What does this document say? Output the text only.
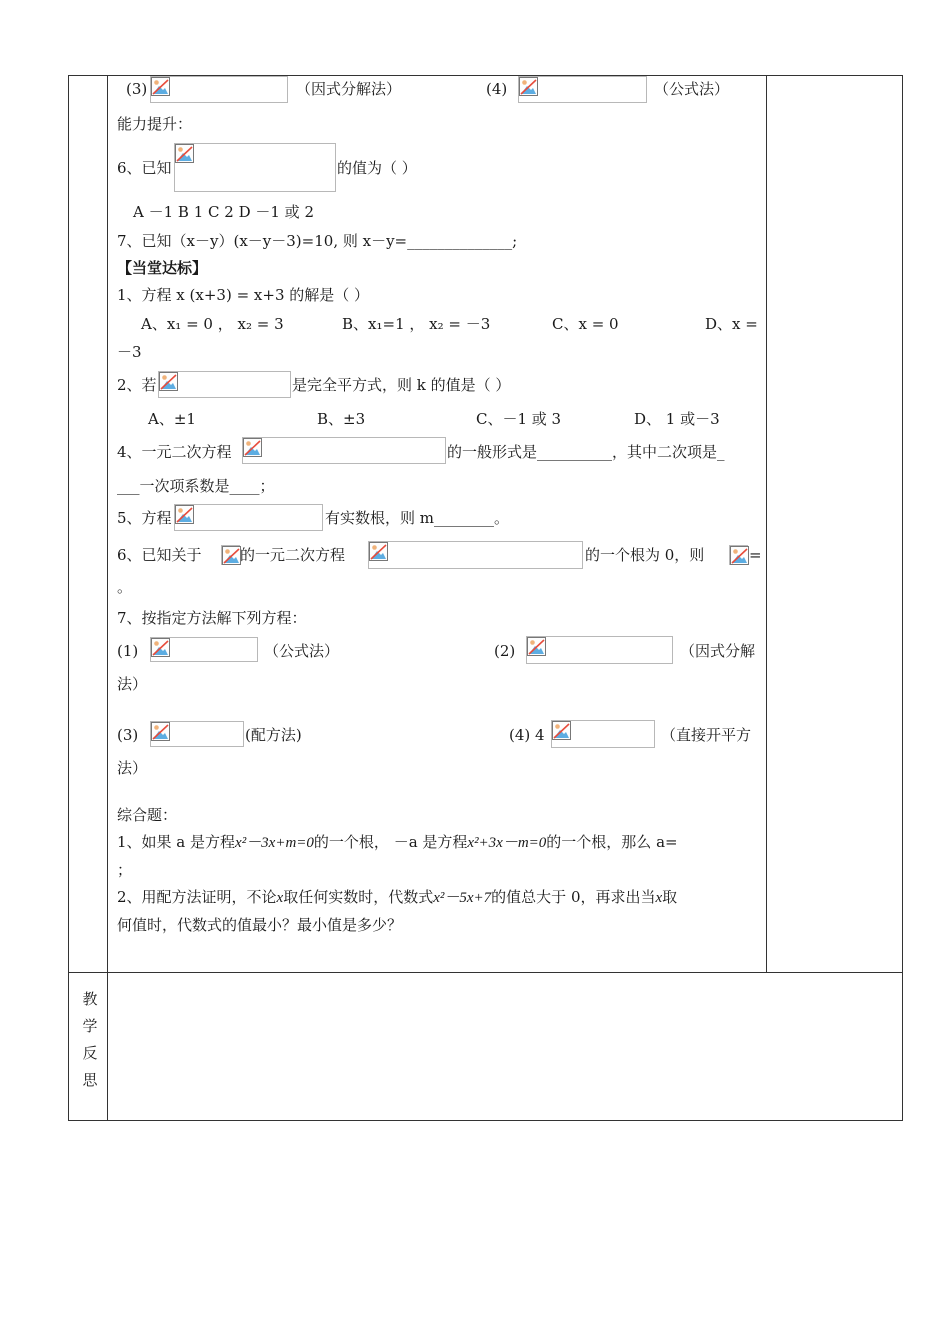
(3)	（因式分解法）	(4)	（公式法）
能力提升：
6、已知	的值为（ ）
A －1 B 1 C 2 D －1 或 2
7、已知（x－y）(x－y－3)=10, 则 x－y=______________;
【当堂达标】
1、方程 x (x+3) = x+3 的解是（ ）
A、x₁ = 0 ， x₂ = 3	B、x₁=1 ， x₂ = －3	C、x = 0	D、x =
－3
2、若	是完全平方式，则 k 的值是（ ）
A、±1	B、±3	C、－1 或 3	D、 1 或－3
4、一元二次方程	的一般形式是__________，其中二次项是_
___一次项系数是____；
5、方程	有实数根，则 m________。
6、已知关于	的一元二次方程	的一个根为 0，则	=
。
7、按指定方法解下列方程：
(1)	（公式法）	(2)	（因式分解
法）
(3)	(配方法)	(4) 4	（直接开平方
法）
综合题：
1、如果 a 是方程x²－3x+m=0的一个根， －a 是方程x²+3x－m=0的一个根，那么 a=
；
2、用配方法证明，不论x取任何实数时，代数式x²－5x+7的值总大于 0，再求出当x取
何值时，代数式的值最小？最小值是多少？
教
学
反
思
